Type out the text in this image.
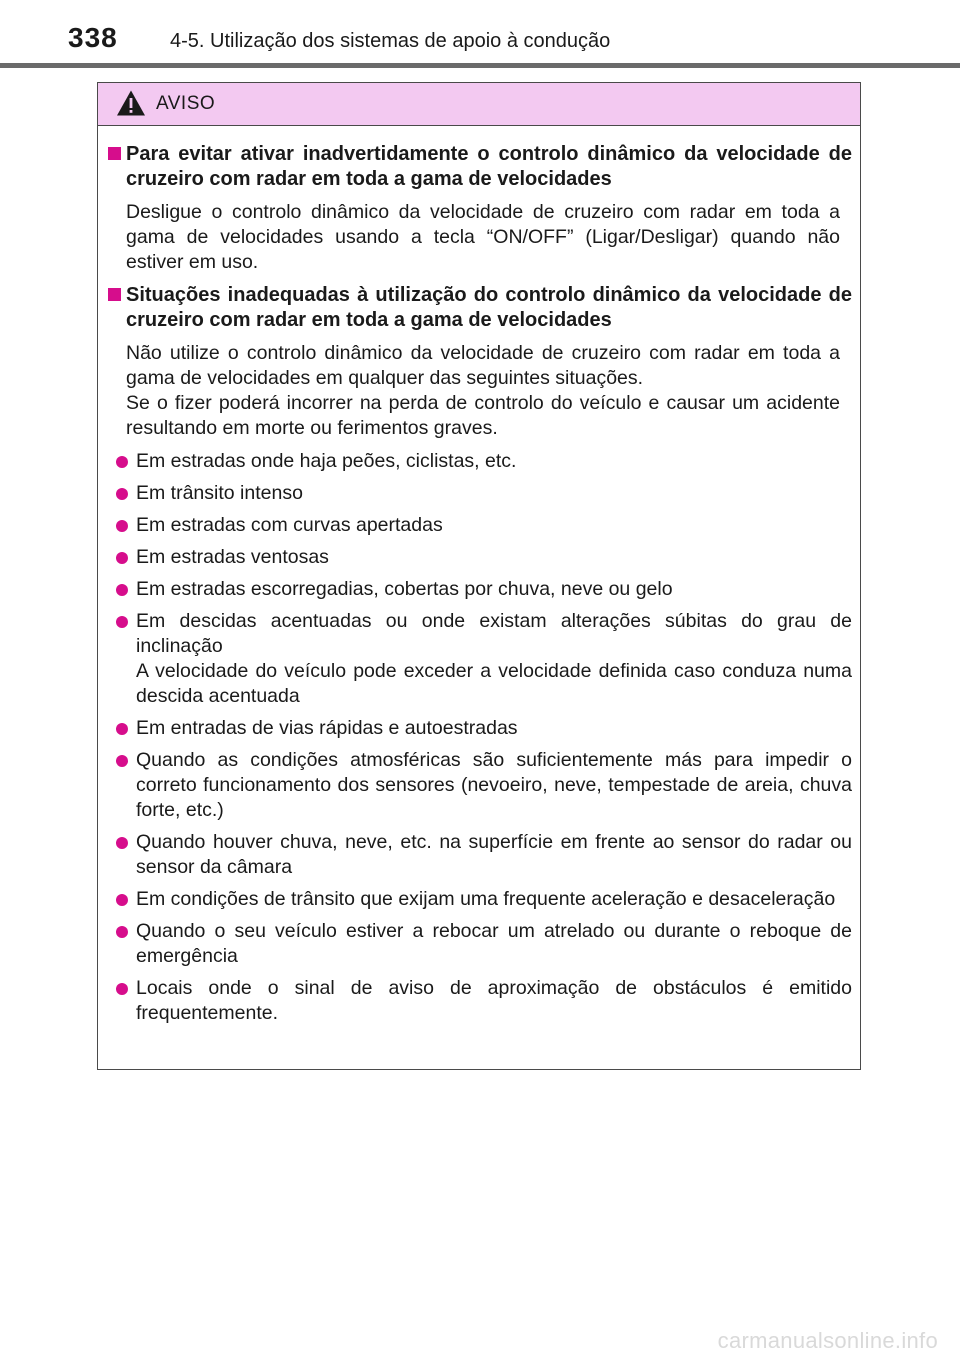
338	4-5. Utilização dos sistemas de apoio à condução
AVISO
Para evitar ativar inadvertidamente o controlo dinâmico da velocidade de cruzeiro com radar em toda a gama de velocidades

Desligue o controlo dinâmico da velocidade de cruzeiro com radar em toda a gama de velocidades usando a tecla “ON/OFF” (Ligar/Desligar) quando não estiver em uso.

Situações inadequadas à utilização do controlo dinâmico da velocidade de cruzeiro com radar em toda a gama de velocidades

Não utilize o controlo dinâmico da velocidade de cruzeiro com radar em toda a gama de velocidades em qualquer das seguintes situações.

Se o fizer poderá incorrer na perda de controlo do veículo e causar um acidente resultando em morte ou ferimentos graves.

Em estradas onde haja peões, ciclistas, etc.

Em trânsito intenso

Em estradas com curvas apertadas

Em estradas ventosas

Em estradas escorregadias, cobertas por chuva, neve ou gelo

Em descidas acentuadas ou onde existam alterações súbitas do grau de inclinação

A velocidade do veículo pode exceder a velocidade definida caso conduza numa descida acentuada

Em entradas de vias rápidas e autoestradas

Quando as condições atmosféricas são suficientemente más para impedir o correto funcionamento dos sensores (nevoeiro, neve, tempestade de areia, chuva forte, etc.)

Quando houver chuva, neve, etc. na superfície em frente ao sensor do radar ou sensor da câmara

Em condições de trânsito que exijam uma frequente aceleração e desaceleração

Quando o seu veículo estiver a rebocar um atrelado ou durante o reboque de emergência

Locais onde o sinal de aviso de aproximação de obstáculos é emitido frequentemente.

carmanualsonline.info
